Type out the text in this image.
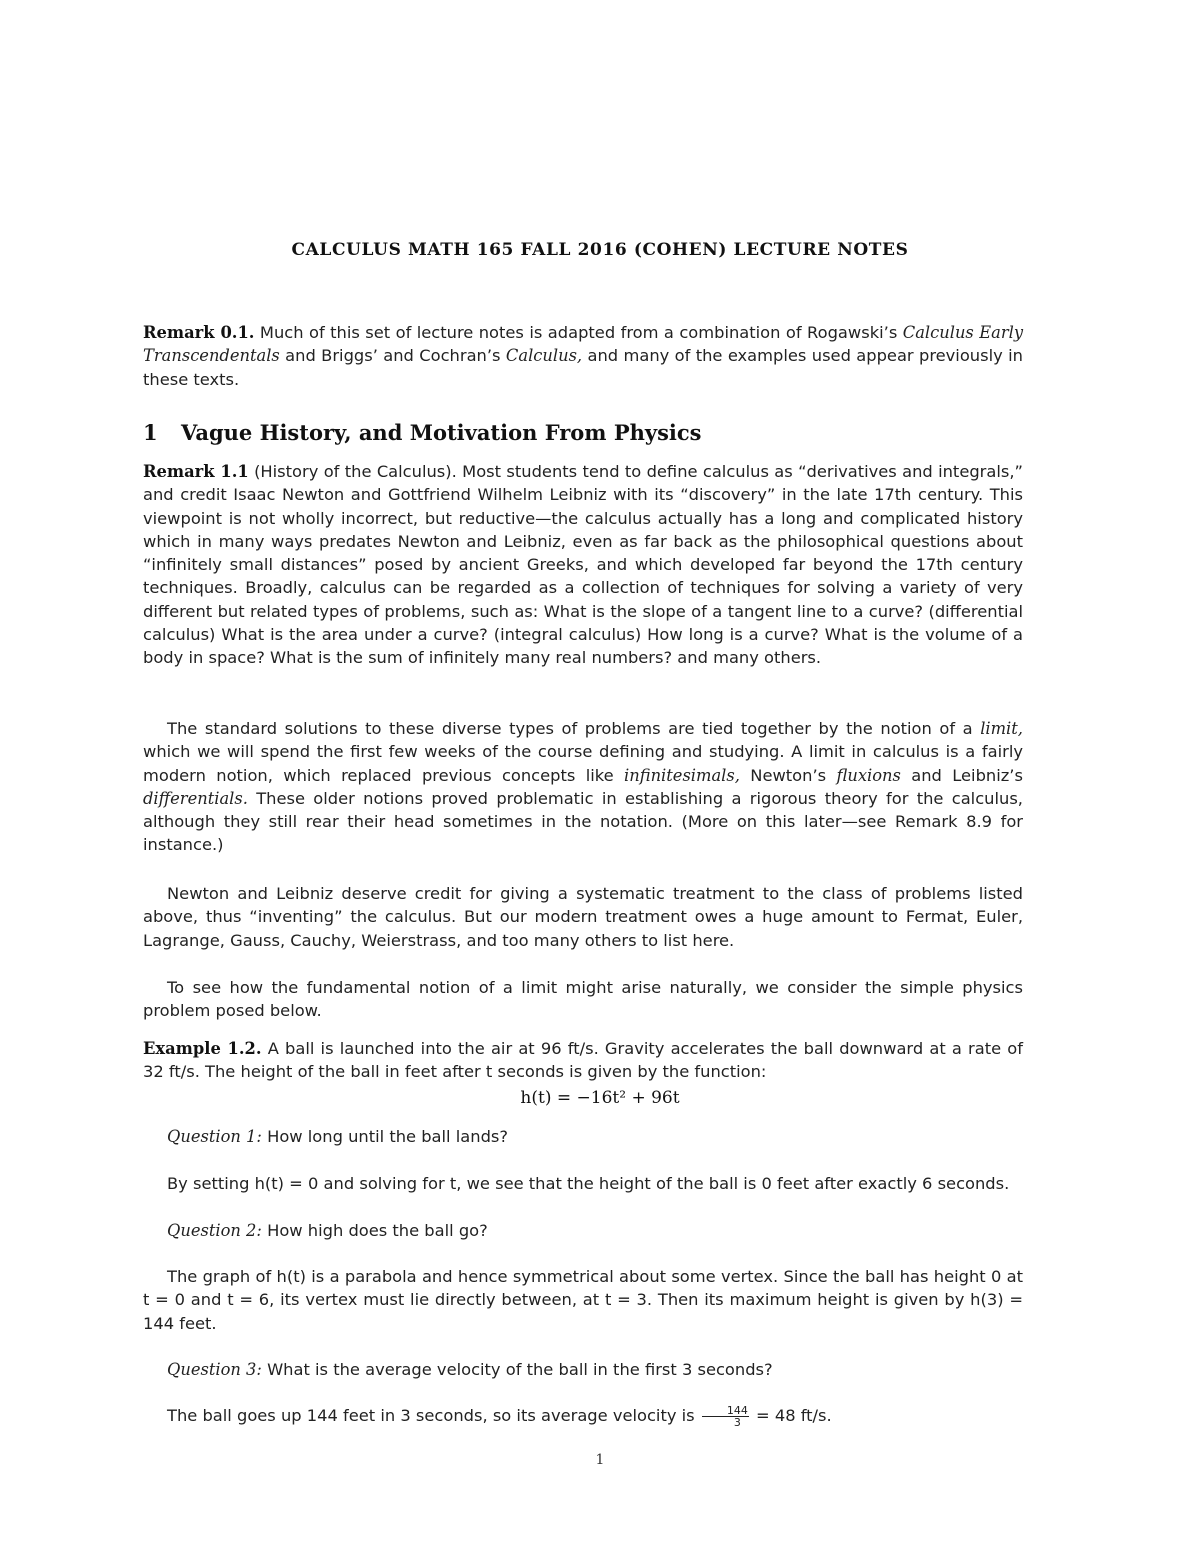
CALCULUS MATH 165 FALL 2016 (COHEN) LECTURE NOTES

Remark 0.1. Much of this set of lecture notes is adapted from a combination of Rogawski’s Calculus Early Transcendentals and Briggs’ and Cochran’s Calculus, and many of the examples used appear previously in these texts.

1 Vague History, and Motivation From Physics

Remark 1.1 (History of the Calculus). Most students tend to define calculus as “derivatives and integrals,” and credit Isaac Newton and Gottfriend Wilhelm Leibniz with its “discovery” in the late 17th century. This viewpoint is not wholly incorrect, but reductive—the calculus actually has a long and complicated history which in many ways predates Newton and Leibniz, even as far back as the philosophical questions about “infinitely small distances” posed by ancient Greeks, and which developed far beyond the 17th century techniques. Broadly, calculus can be regarded as a collection of techniques for solving a variety of very different but related types of problems, such as: What is the slope of a tangent line to a curve? (differential calculus) What is the area under a curve? (integral calculus) How long is a curve? What is the volume of a body in space? What is the sum of infinitely many real numbers? and many others.

The standard solutions to these diverse types of problems are tied together by the notion of a limit, which we will spend the first few weeks of the course defining and studying. A limit in calculus is a fairly modern notion, which replaced previous concepts like infinitesimals, Newton’s fluxions and Leibniz’s differentials. These older notions proved problematic in establishing a rigorous theory for the calculus, although they still rear their head sometimes in the notation. (More on this later—see Remark 8.9 for instance.)

Newton and Leibniz deserve credit for giving a systematic treatment to the class of problems listed above, thus “inventing” the calculus. But our modern treatment owes a huge amount to Fermat, Euler, Lagrange, Gauss, Cauchy, Weierstrass, and too many others to list here.

To see how the fundamental notion of a limit might arise naturally, we consider the simple physics problem posed below.

Example 1.2. A ball is launched into the air at 96 ft/s. Gravity accelerates the ball downward at a rate of 32 ft/s. The height of the ball in feet after t seconds is given by the function:

h(t) = −16t² + 96t

Question 1: How long until the ball lands?

By setting h(t) = 0 and solving for t, we see that the height of the ball is 0 feet after exactly 6 seconds.

Question 2: How high does the ball go?

The graph of h(t) is a parabola and hence symmetrical about some vertex. Since the ball has height 0 at t = 0 and t = 6, its vertex must lie directly between, at t = 3. Then its maximum height is given by h(3) = 144 feet.

Question 3: What is the average velocity of the ball in the first 3 seconds?

The ball goes up 144 feet in 3 seconds, so its average velocity is $\frac{144}{3} = 48$ ft/s.

1
